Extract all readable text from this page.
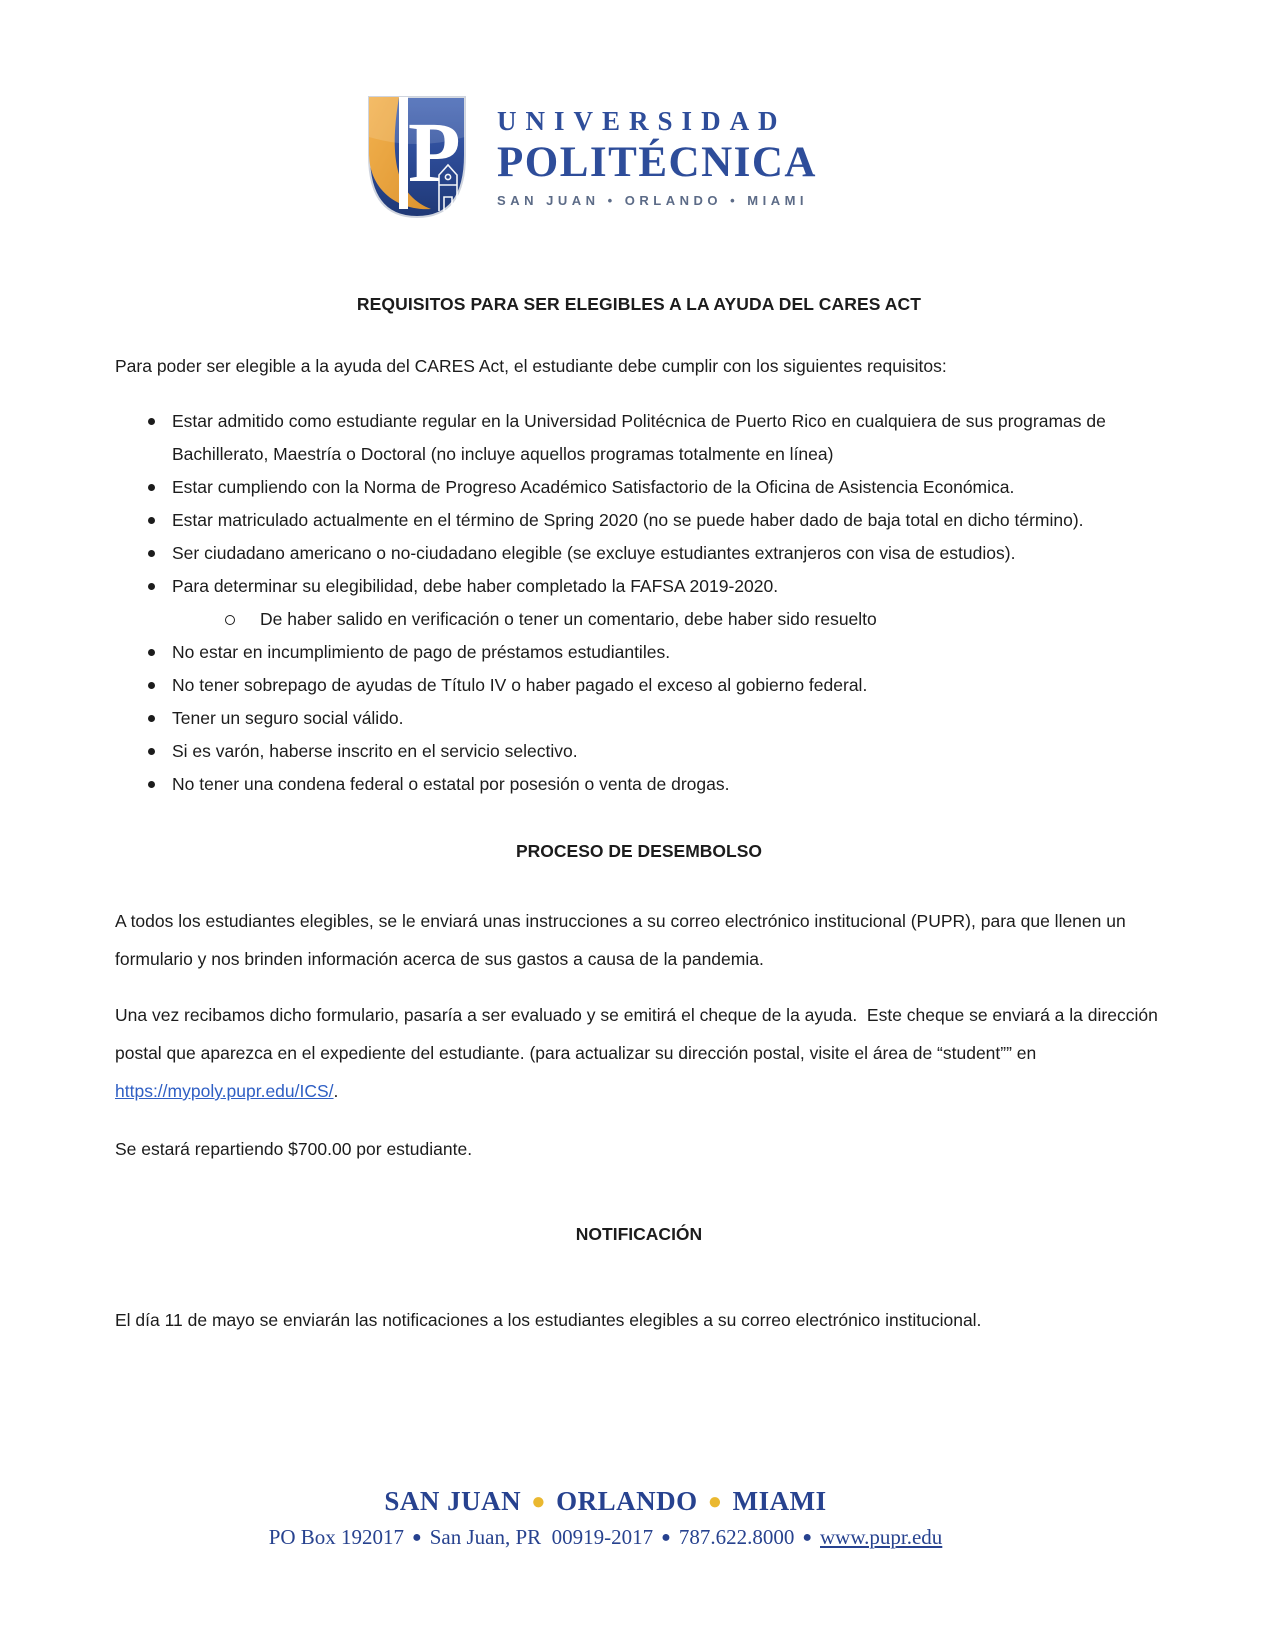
P UNIVERSIDAD
POLITÉCNICA
SAN JUAN • ORLANDO • MIAMI
REQUISITOS PARA SER ELEGIBLES A LA AYUDA DEL CARES ACT

Para poder ser elegible a la ayuda del CARES Act, el estudiante debe cumplir con los siguientes requisitos:

Estar admitido como estudiante regular en la Universidad Politécnica de Puerto Rico en cualquiera de sus programas de Bachillerato, Maestría o Doctoral (no incluye aquellos programas totalmente en línea)
Estar cumpliendo con la Norma de Progreso Académico Satisfactorio de la Oficina de Asistencia Económica.
Estar matriculado actualmente en el término de Spring 2020 (no se puede haber dado de baja total en dicho término).
Ser ciudadano americano o no-ciudadano elegible (se excluye estudiantes extranjeros con visa de estudios).
Para determinar su elegibilidad, debe haber completado la FAFSA 2019-2020.
De haber salido en verificación o tener un comentario, debe haber sido resuelto
No estar en incumplimiento de pago de préstamos estudiantiles.
No tener sobrepago de ayudas de Título IV o haber pagado el exceso al gobierno federal.
Tener un seguro social válido.
Si es varón, haberse inscrito en el servicio selectivo.
No tener una condena federal o estatal por posesión o venta de drogas.
PROCESO DE DESEMBOLSO

A todos los estudiantes elegibles, se le enviará unas instrucciones a su correo electrónico institucional (PUPR), para que llenen un formulario y nos brinden información acerca de sus gastos a causa de la pandemia.

Una vez recibamos dicho formulario, pasaría a ser evaluado y se emitirá el cheque de la ayuda.  Este cheque se enviará a la dirección postal que aparezca en el expediente del estudiante. (para actualizar su dirección postal, visite el área de “student”” en https://mypoly.pupr.edu/ICS/.

Se estará repartiendo $700.00 por estudiante.

NOTIFICACIÓN

El día 11 de mayo se enviarán las notificaciones a los estudiantes elegibles a su correo electrónico institucional.

SAN JUAN ● ORLANDO ● MIAMI
PO Box 192017 ● San Juan, PR  00919-2017 ● 787.622.8000 ● www.pupr.edu
